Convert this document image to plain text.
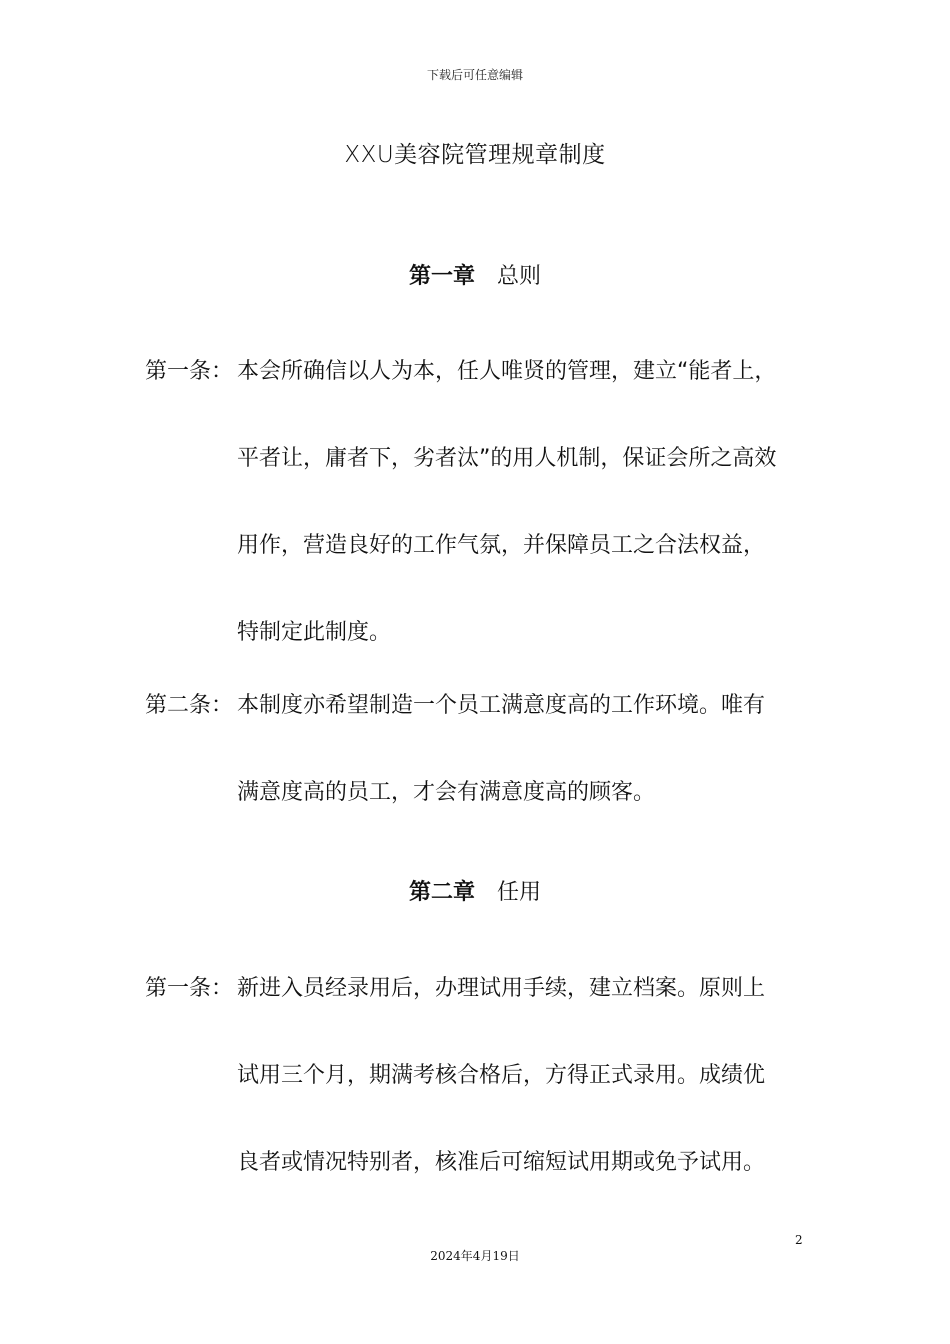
下载后可任意编辑
XXU美容院管理规章制度
第一章 总则
第一条： 本会所确信以人为本，任人唯贤的管理，建立“能者上，
平者让，庸者下，劣者汰”的用人机制，保证会所之高效
用作，营造良好的工作气氛，并保障员工之合法权益，
特制定此制度。
第二条： 本制度亦希望制造一个员工满意度高的工作环境。唯有
满意度高的员工，才会有满意度高的顾客。
第二章 任用
第一条： 新进入员经录用后，办理试用手续，建立档案。原则上
试用三个月，期满考核合格后，方得正式录用。成绩优
良者或情况特别者，核准后可缩短试用期或免予试用。
2
2024年4月19日
